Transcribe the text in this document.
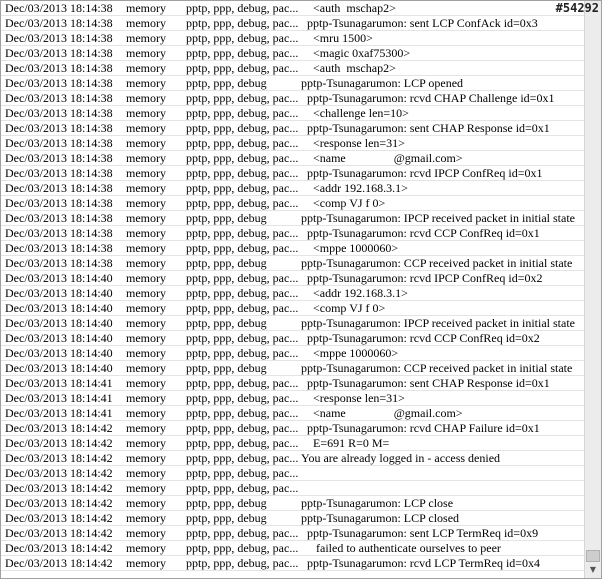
Dec/03/2013 18:14:38	memory	pptp, ppp, debug, pac... <auth  mschap2>
Dec/03/2013 18:14:38	memory	pptp, ppp, debug, pac... pptp-Tsunagarumon: sent LCP ConfAck id=0x3
Dec/03/2013 18:14:38	memory	pptp, ppp, debug, pac... <mru 1500>
Dec/03/2013 18:14:38	memory	pptp, ppp, debug, pac... <magic 0xaf75300>
Dec/03/2013 18:14:38	memory	pptp, ppp, debug, pac... <auth  mschap2>
Dec/03/2013 18:14:38	memory	pptp, ppp, debug	pptp-Tsunagarumon: LCP opened
Dec/03/2013 18:14:38	memory	pptp, ppp, debug, pac... pptp-Tsunagarumon: rcvd CHAP Challenge id=0x1
Dec/03/2013 18:14:38	memory	pptp, ppp, debug, pac... <challenge len=10>
Dec/03/2013 18:14:38	memory	pptp, ppp, debug, pac... pptp-Tsunagarumon: sent CHAP Response id=0x1
Dec/03/2013 18:14:38	memory	pptp, ppp, debug, pac... <response len=31>
Dec/03/2013 18:14:38	memory	pptp, ppp, debug, pac... <name                @gmail.com>
Dec/03/2013 18:14:38	memory	pptp, ppp, debug, pac... pptp-Tsunagarumon: rcvd IPCP ConfReq id=0x1
Dec/03/2013 18:14:38	memory	pptp, ppp, debug, pac... <addr 192.168.3.1>
Dec/03/2013 18:14:38	memory	pptp, ppp, debug, pac... <comp VJ f 0>
Dec/03/2013 18:14:38	memory	pptp, ppp, debug	pptp-Tsunagarumon: IPCP received packet in initial state
Dec/03/2013 18:14:38	memory	pptp, ppp, debug, pac... pptp-Tsunagarumon: rcvd CCP ConfReq id=0x1
Dec/03/2013 18:14:38	memory	pptp, ppp, debug, pac... <mppe 1000060>
Dec/03/2013 18:14:38	memory	pptp, ppp, debug	pptp-Tsunagarumon: CCP received packet in initial state
Dec/03/2013 18:14:40	memory	pptp, ppp, debug, pac... pptp-Tsunagarumon: rcvd IPCP ConfReq id=0x2
Dec/03/2013 18:14:40	memory	pptp, ppp, debug, pac... <addr 192.168.3.1>
Dec/03/2013 18:14:40	memory	pptp, ppp, debug, pac... <comp VJ f 0>
Dec/03/2013 18:14:40	memory	pptp, ppp, debug	pptp-Tsunagarumon: IPCP received packet in initial state
Dec/03/2013 18:14:40	memory	pptp, ppp, debug, pac... pptp-Tsunagarumon: rcvd CCP ConfReq id=0x2
Dec/03/2013 18:14:40	memory	pptp, ppp, debug, pac... <mppe 1000060>
Dec/03/2013 18:14:40	memory	pptp, ppp, debug	pptp-Tsunagarumon: CCP received packet in initial state
Dec/03/2013 18:14:41	memory	pptp, ppp, debug, pac... pptp-Tsunagarumon: sent CHAP Response id=0x1
Dec/03/2013 18:14:41	memory	pptp, ppp, debug, pac... <response len=31>
Dec/03/2013 18:14:41	memory	pptp, ppp, debug, pac... <name                @gmail.com>
Dec/03/2013 18:14:42	memory	pptp, ppp, debug, pac... pptp-Tsunagarumon: rcvd CHAP Failure id=0x1
Dec/03/2013 18:14:42	memory	pptp, ppp, debug, pac... E=691 R=0 M=
Dec/03/2013 18:14:42	memory	pptp, ppp, debug, pac... You are already logged in - access denied
Dec/03/2013 18:14:42	memory	pptp, ppp, debug, pac...
Dec/03/2013 18:14:42	memory	pptp, ppp, debug, pac...
Dec/03/2013 18:14:42	memory	pptp, ppp, debug	pptp-Tsunagarumon: LCP close
Dec/03/2013 18:14:42	memory	pptp, ppp, debug	pptp-Tsunagarumon: LCP closed
Dec/03/2013 18:14:42	memory	pptp, ppp, debug, pac... pptp-Tsunagarumon: sent LCP TermReq id=0x9
Dec/03/2013 18:14:42	memory	pptp, ppp, debug, pac... failed to authenticate ourselves to peer
Dec/03/2013 18:14:42	memory	pptp, ppp, debug, pac... pptp-Tsunagarumon: rcvd LCP TermReq id=0x4
#54292
▼
